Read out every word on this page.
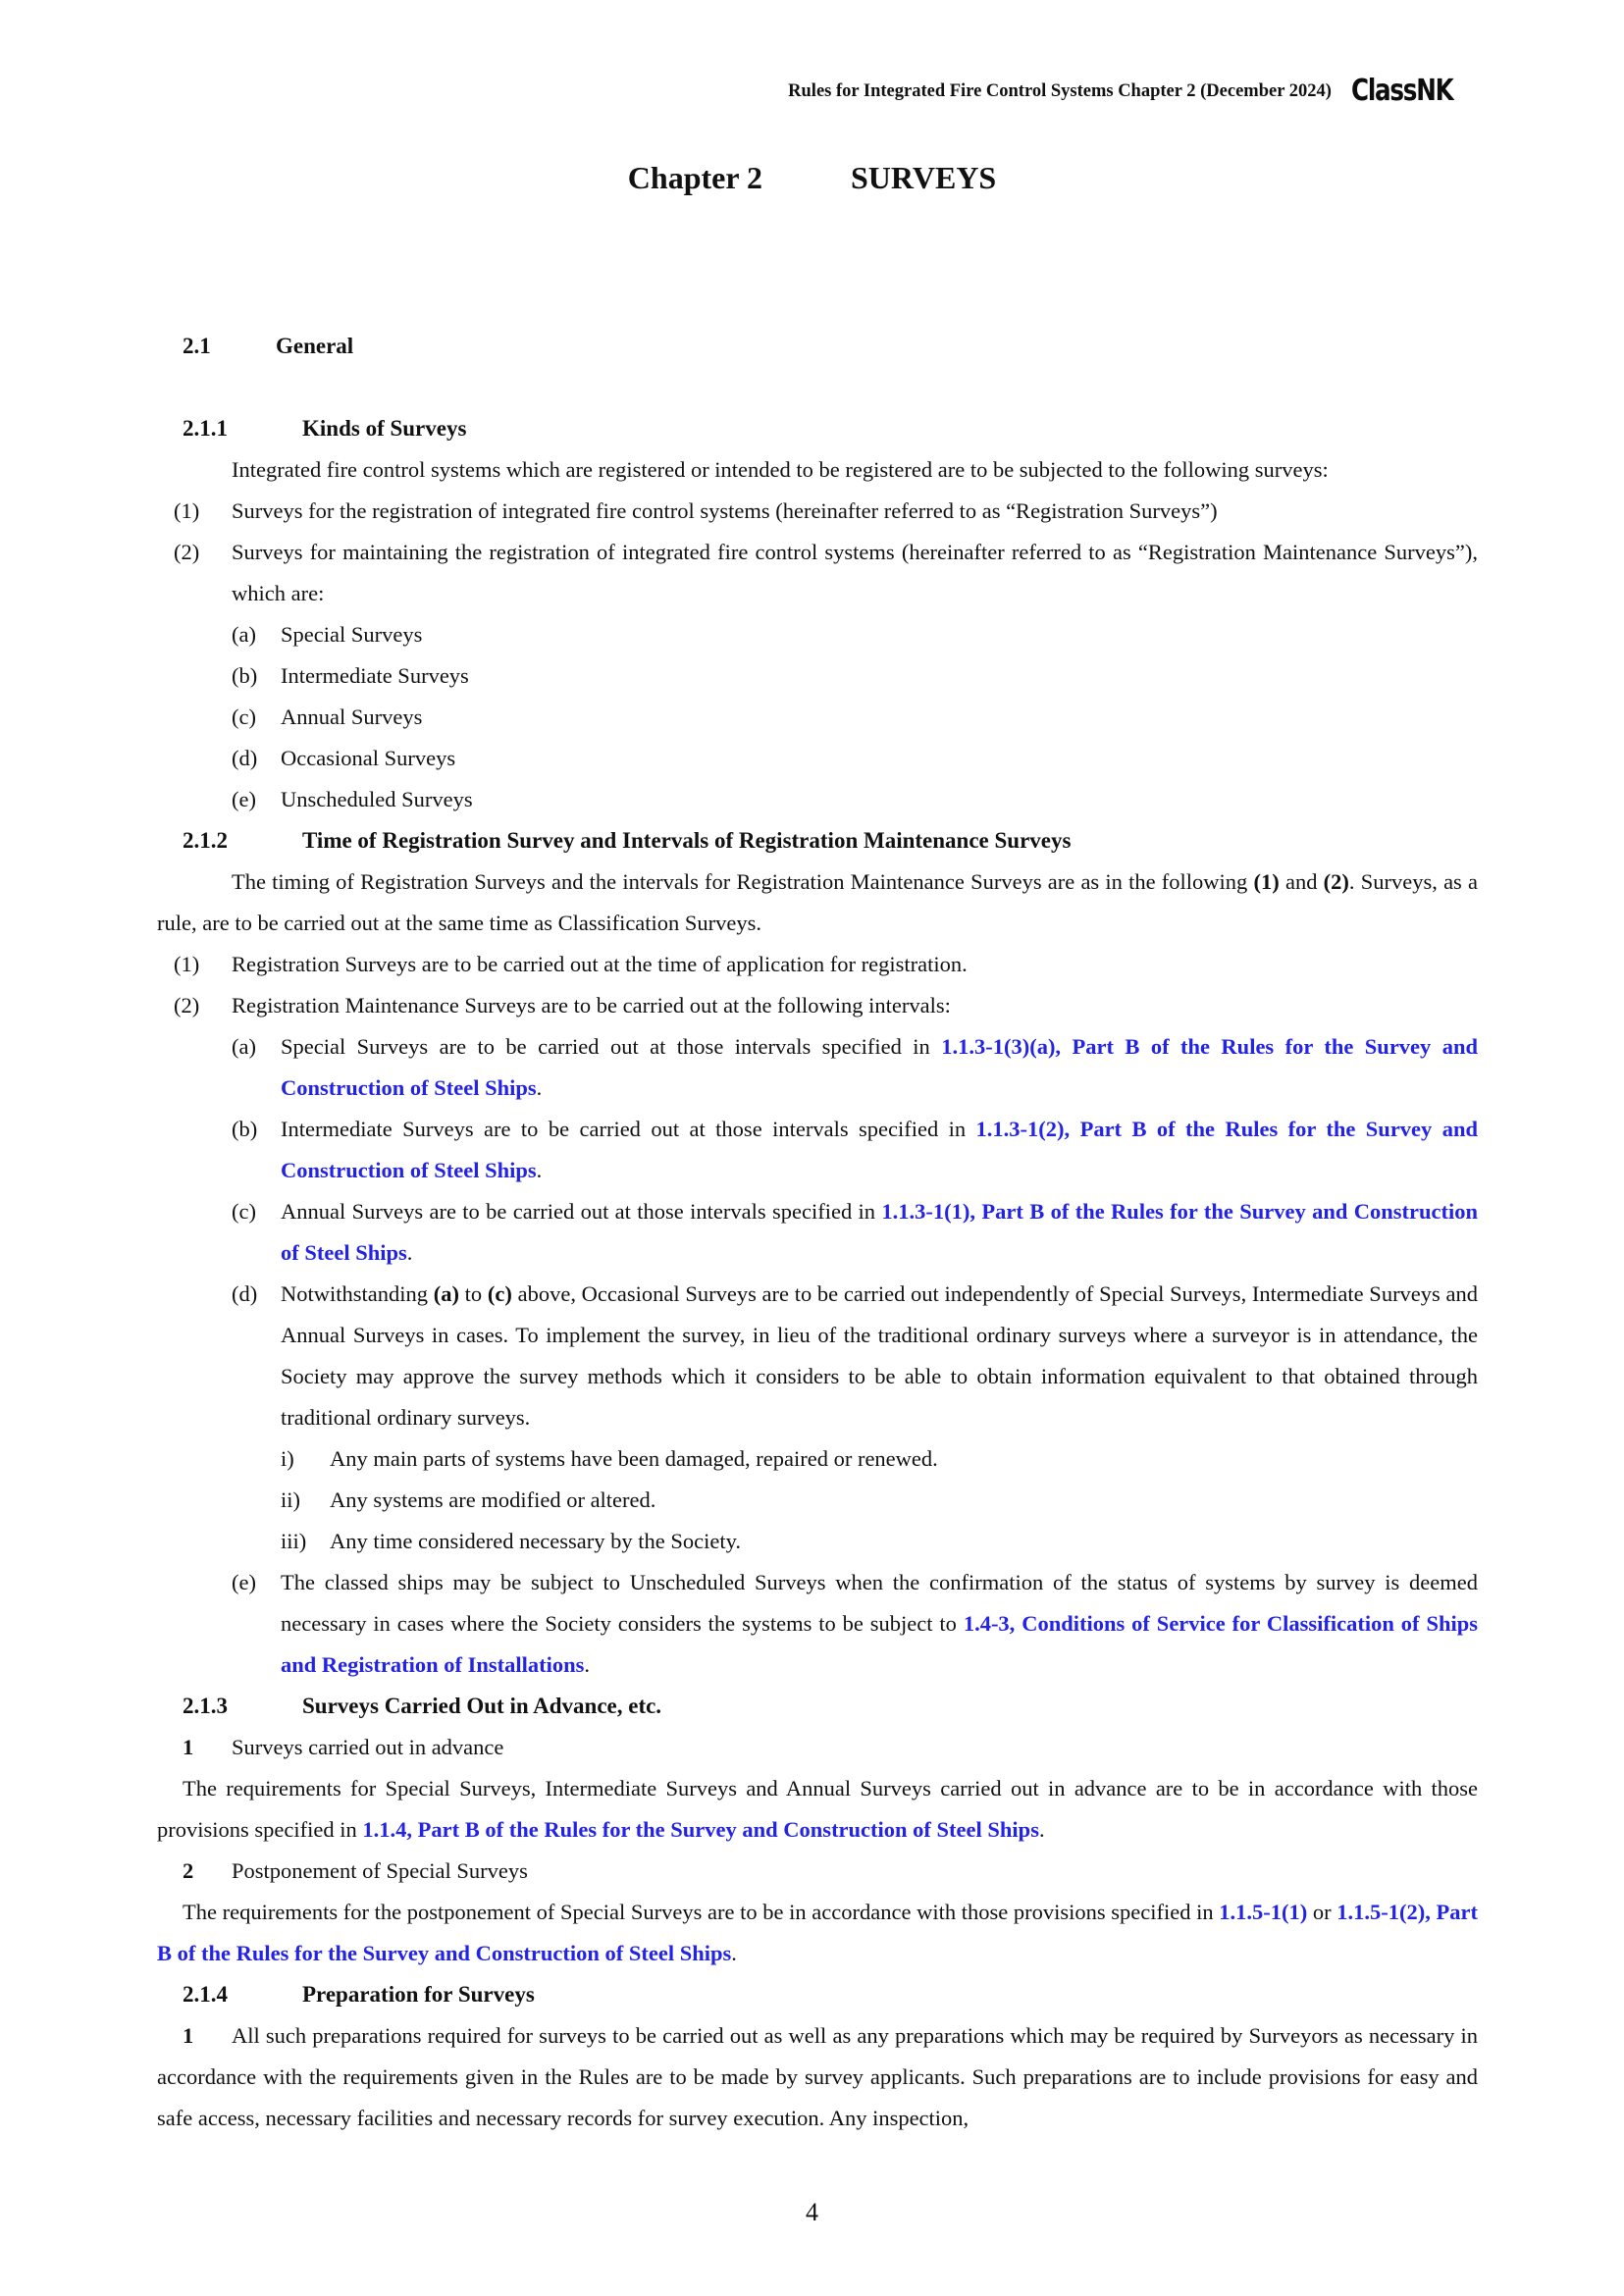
Rules for Integrated Fire Control Systems Chapter 2 (December 2024) ClassNK
Chapter 2	SURVEYS
2.1	General
2.1.1	Kinds of Surveys
Integrated fire control systems which are registered or intended to be registered are to be subjected to the following surveys:
(1)	Surveys for the registration of integrated fire control systems (hereinafter referred to as “Registration Surveys”)
(2)	Surveys for maintaining the registration of integrated fire control systems (hereinafter referred to as “Registration Maintenance Surveys”), which are:
(a)	Special Surveys
(b)	Intermediate Surveys
(c)	Annual Surveys
(d)	Occasional Surveys
(e)	Unscheduled Surveys
2.1.2	Time of Registration Survey and Intervals of Registration Maintenance Surveys
The timing of Registration Surveys and the intervals for Registration Maintenance Surveys are as in the following (1) and (2). Surveys, as a rule, are to be carried out at the same time as Classification Surveys.
(1)	Registration Surveys are to be carried out at the time of application for registration.
(2)	Registration Maintenance Surveys are to be carried out at the following intervals:
(a)	Special Surveys are to be carried out at those intervals specified in 1.1.3-1(3)(a), Part B of the Rules for the Survey and Construction of Steel Ships.
(b)	Intermediate Surveys are to be carried out at those intervals specified in 1.1.3-1(2), Part B of the Rules for the Survey and Construction of Steel Ships.
(c)	Annual Surveys are to be carried out at those intervals specified in 1.1.3-1(1), Part B of the Rules for the Survey and Construction of Steel Ships.
(d)	Notwithstanding (a) to (c) above, Occasional Surveys are to be carried out independently of Special Surveys, Intermediate Surveys and Annual Surveys in cases. To implement the survey, in lieu of the traditional ordinary surveys where a surveyor is in attendance, the Society may approve the survey methods which it considers to be able to obtain information equivalent to that obtained through traditional ordinary surveys.
i)	Any main parts of systems have been damaged, repaired or renewed.
ii)	Any systems are modified or altered.
iii)	Any time considered necessary by the Society.
(e)	The classed ships may be subject to Unscheduled Surveys when the confirmation of the status of systems by survey is deemed necessary in cases where the Society considers the systems to be subject to 1.4-3, Conditions of Service for Classification of Ships and Registration of Installations.
2.1.3	Surveys Carried Out in Advance, etc.
1	Surveys carried out in advance
The requirements for Special Surveys, Intermediate Surveys and Annual Surveys carried out in advance are to be in accordance with those provisions specified in 1.1.4, Part B of the Rules for the Survey and Construction of Steel Ships.
2	Postponement of Special Surveys
The requirements for the postponement of Special Surveys are to be in accordance with those provisions specified in 1.1.5-1(1) or 1.1.5-1(2), Part B of the Rules for the Survey and Construction of Steel Ships.
2.1.4	Preparation for Surveys
1 All such preparations required for surveys to be carried out as well as any preparations which may be required by Surveyors as necessary in accordance with the requirements given in the Rules are to be made by survey applicants. Such preparations are to include provisions for easy and safe access, necessary facilities and necessary records for survey execution. Any inspection,
4
